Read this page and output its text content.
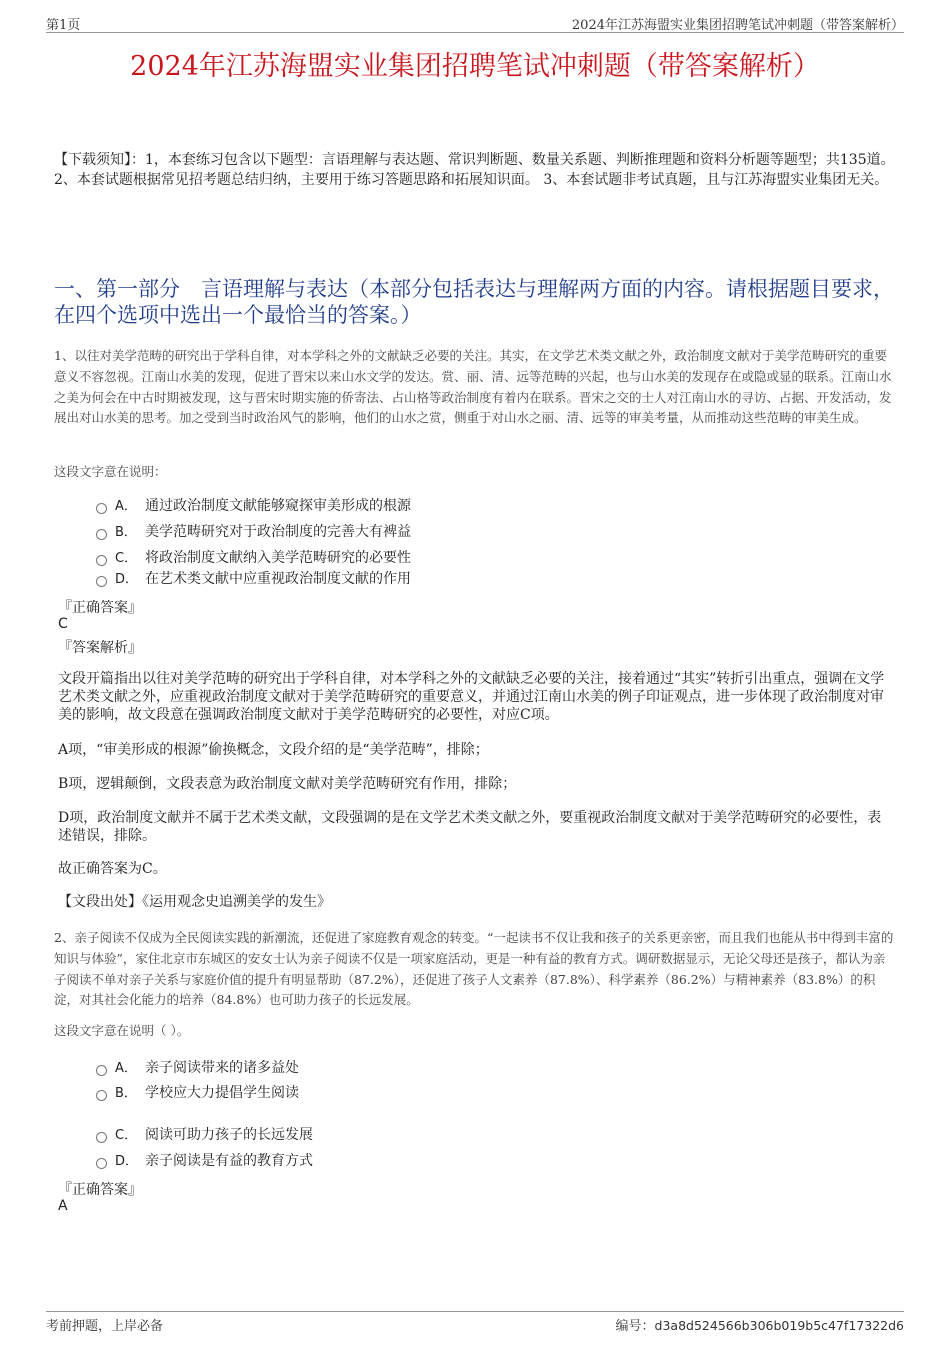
第1页	2024年江苏海盟实业集团招聘笔试冲刺题（带答案解析）
2024年江苏海盟实业集团招聘笔试冲刺题（带答案解析）
【下载须知】：1，本套练习包含以下题型：言语理解与表达题、常识判断题、数量关系题、判断推理题和资料分析题等题型；共135道。 2、本套试题根据常见招考题总结归纳，主要用于练习答题思路和拓展知识面。 3、本套试题非考试真题，且与江苏海盟实业集团无关。
一、第一部分　言语理解与表达（本部分包括表达与理解两方面的内容。请根据题目要求，在四个选项中选出一个最恰当的答案。）
1、以往对美学范畴的研究出于学科自律，对本学科之外的文献缺乏必要的关注。其实，在文学艺术类文献之外，政治制度文献对于美学范畴研究的重要意义不容忽视。江南山水美的发现，促进了晋宋以来山水文学的发达。赏、丽、清、远等范畴的兴起，也与山水美的发现存在或隐或显的联系。江南山水之美为何会在中古时期被发现，这与晋宋时期实施的侨寄法、占山格等政治制度有着内在联系。晋宋之交的士人对江南山水的寻访、占据、开发活动，发展出对山水美的思考。加之受到当时政治风气的影响，他们的山水之赏，侧重于对山水之丽、清、远等的审美考量，从而推动这些范畴的审美生成。
这段文字意在说明：
A． 通过政治制度文献能够窥探审美形成的根源
B． 美学范畴研究对于政治制度的完善大有裨益
C． 将政治制度文献纳入美学范畴研究的必要性
D． 在艺术类文献中应重视政治制度文献的作用
『正确答案』
C
『答案解析』
文段开篇指出以往对美学范畴的研究出于学科自律，对本学科之外的文献缺乏必要的关注，接着通过“其实”转折引出重点，强调在文学艺术类文献之外，应重视政治制度文献对于美学范畴研究的重要意义，并通过江南山水美的例子印证观点，进一步体现了政治制度对审美的影响，故文段意在强调政治制度文献对于美学范畴研究的必要性，对应C项。
A项，“审美形成的根源”偷换概念，文段介绍的是“美学范畴”，排除；
B项，逻辑颠倒，文段表意为政治制度文献对美学范畴研究有作用，排除；
D项，政治制度文献并不属于艺术类文献，文段强调的是在文学艺术类文献之外，要重视政治制度文献对于美学范畴研究的必要性，表述错误，排除。
故正确答案为C。
【文段出处】《运用观念史追溯美学的发生》
2、亲子阅读不仅成为全民阅读实践的新潮流，还促进了家庭教育观念的转变。“一起读书不仅让我和孩子的关系更亲密，而且我们也能从书中得到丰富的知识与体验”，家住北京市东城区的安女士认为亲子阅读不仅是一项家庭活动，更是一种有益的教育方式。调研数据显示，无论父母还是孩子，都认为亲子阅读不单对亲子关系与家庭价值的提升有明显帮助（87.2%），还促进了孩子人文素养（87.8%）、科学素养（86.2%）与精神素养（83.8%）的积淀，对其社会化能力的培养（84.8%）也可助力孩子的长远发展。
这段文字意在说明（ ）。
A． 亲子阅读带来的诸多益处
B． 学校应大力提倡学生阅读
C． 阅读可助力孩子的长远发展
D． 亲子阅读是有益的教育方式
『正确答案』
A
考前押题，上岸必备	编号：d3a8d524566b306b019b5c47f17322d6
